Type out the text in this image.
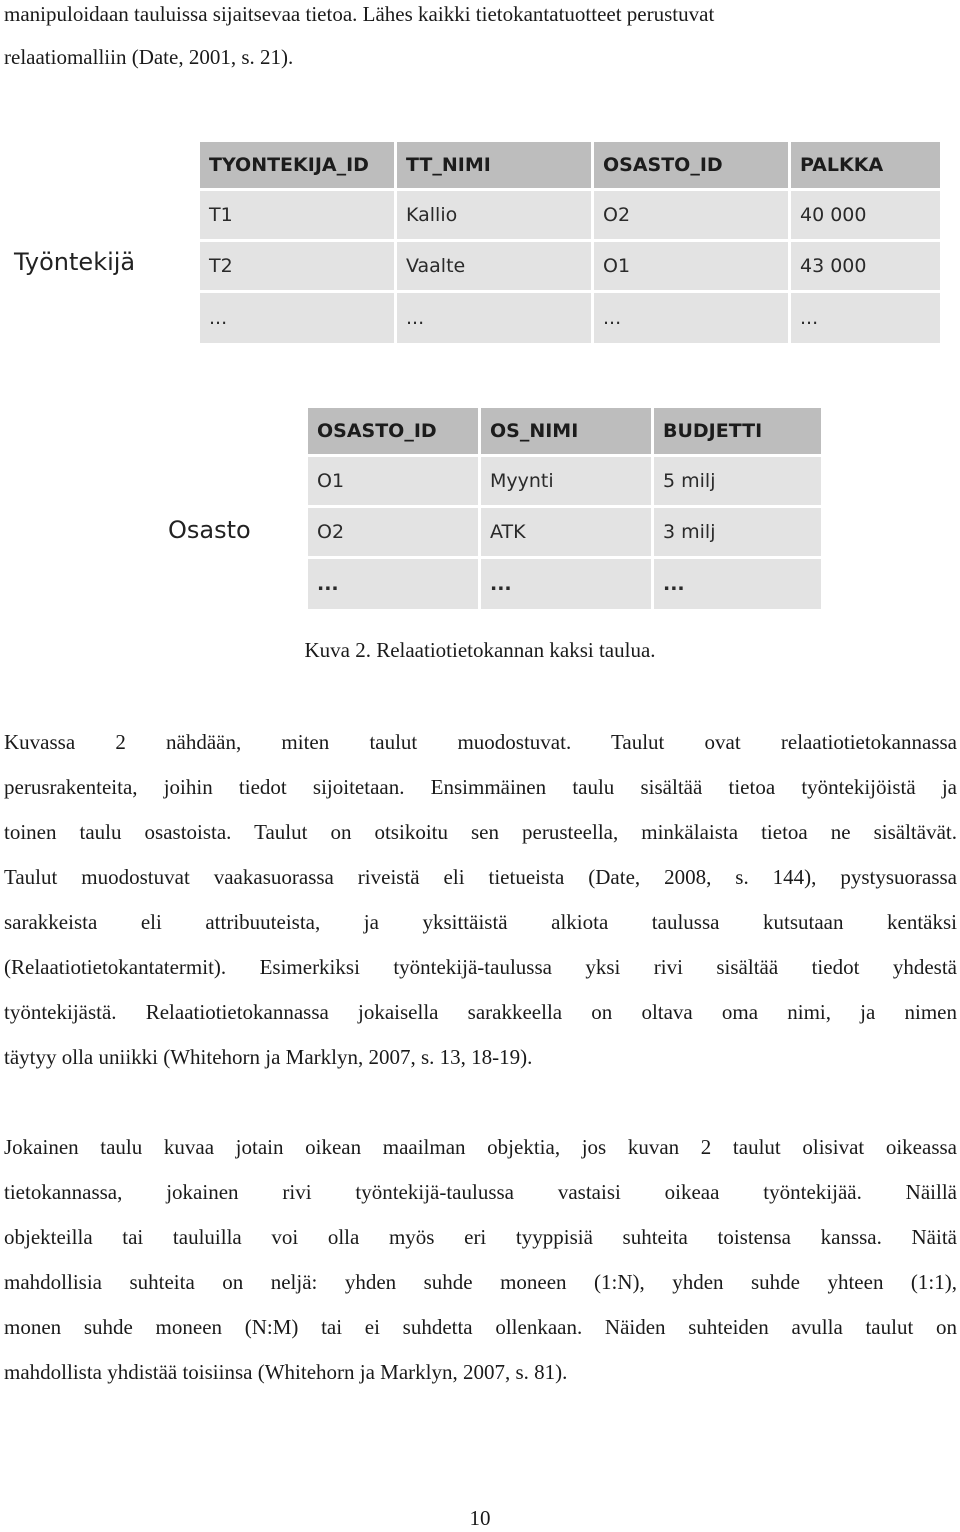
manipuloidaan tauluissa sijaitsevaa tietoa. Lähes kaikki tietokantatuotteet perustuvat
relaatiomalliin (Date, 2001, s. 21).
Työntekijä
TYONTEKIJA_ID	TT_NIMI	OSASTO_ID	PALKKA
T1	Kallio	O2	40 000
T2	Vaalte	O1	43 000
...	...	...	...
Osasto
OSASTO_ID	OS_NIMI	BUDJETTI
O1	Myynti	5 milj
O2	ATK	3 milj
...	...	...
Kuva 2. Relaatiotietokannan kaksi taulua.
Kuvassa 2 nähdään, miten taulut muodostuvat. Taulut ovat relaatiotietokannassa
perusrakenteita, joihin tiedot sijoitetaan. Ensimmäinen taulu sisältää tietoa työntekijöistä ja
toinen taulu osastoista. Taulut on otsikoitu sen perusteella, minkälaista tietoa ne sisältävät.
Taulut muodostuvat vaakasuorassa riveistä eli tietueista (Date, 2008, s. 144), pystysuorassa
sarakkeista eli attribuuteista, ja yksittäistä alkiota taulussa kutsutaan kentäksi
(Relaatiotietokantatermit). Esimerkiksi työntekijä-taulussa yksi rivi sisältää tiedot yhdestä
työntekijästä. Relaatiotietokannassa jokaisella sarakkeella on oltava oma nimi, ja nimen
täytyy olla uniikki (Whitehorn ja Marklyn, 2007, s. 13, 18-19).
Jokainen taulu kuvaa jotain oikean maailman objektia, jos kuvan 2 taulut olisivat oikeassa
tietokannassa, jokainen rivi työntekijä-taulussa vastaisi oikeaa työntekijää. Näillä
objekteilla tai tauluilla voi olla myös eri tyyppisiä suhteita toistensa kanssa. Näitä
mahdollisia suhteita on neljä: yhden suhde moneen (1:N), yhden suhde yhteen (1:1),
monen suhde moneen (N:M) tai ei suhdetta ollenkaan. Näiden suhteiden avulla taulut on
mahdollista yhdistää toisiinsa (Whitehorn ja Marklyn, 2007, s. 81).
10
